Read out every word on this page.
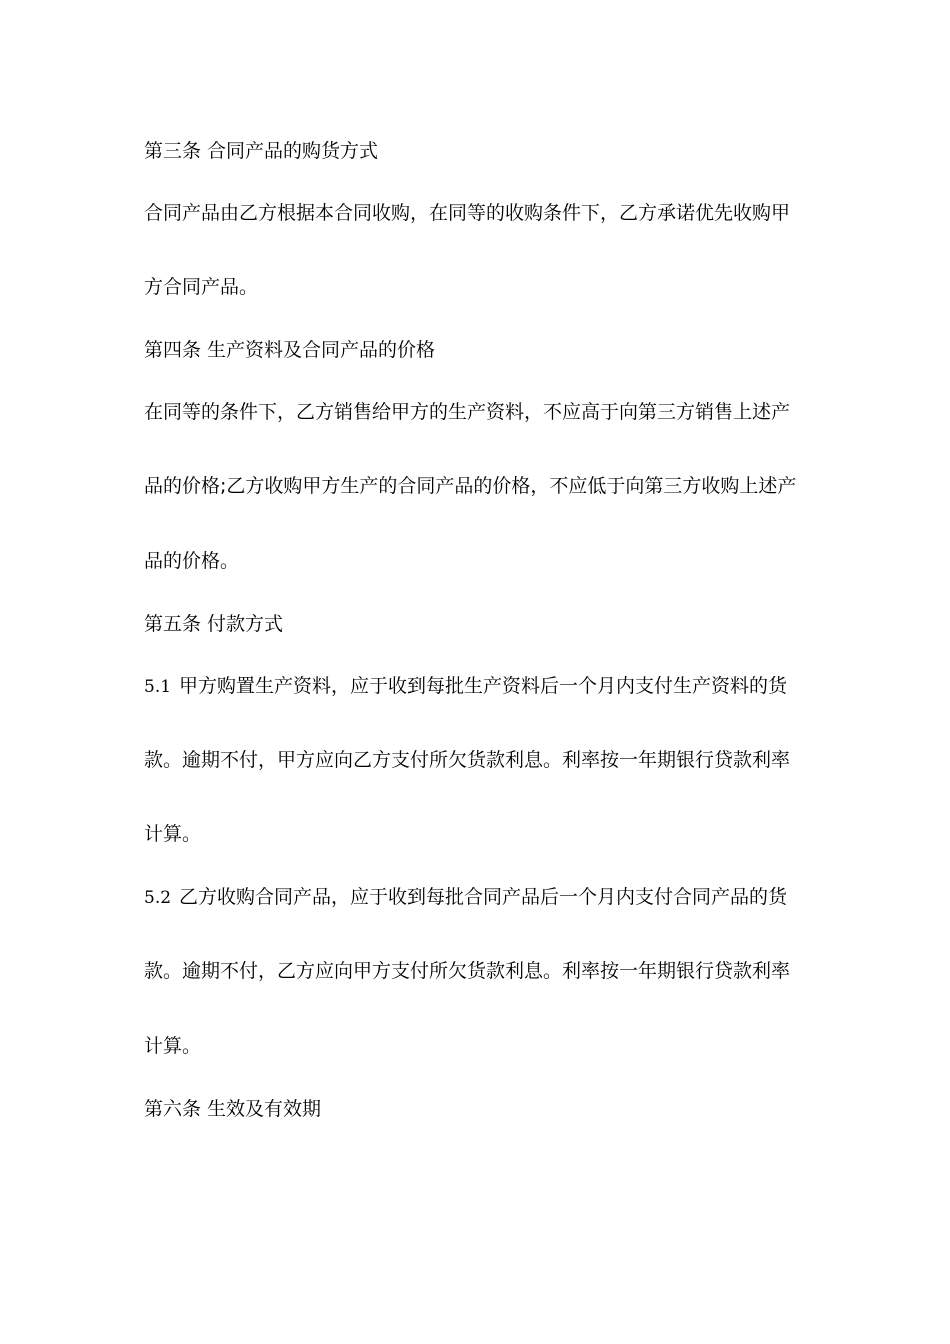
第三条 合同产品的购货方式
合同产品由乙方根据本合同收购，在同等的收购条件下，乙方承诺优先收购甲
方合同产品。
第四条 生产资料及合同产品的价格
在同等的条件下，乙方销售给甲方的生产资料，不应高于向第三方销售上述产
品的价格;乙方收购甲方生产的合同产品的价格，不应低于向第三方收购上述产
品的价格。
第五条 付款方式
5.1 甲方购置生产资料，应于收到每批生产资料后一个月内支付生产资料的货
款。逾期不付，甲方应向乙方支付所欠货款利息。利率按一年期银行贷款利率
计算。
5.2 乙方收购合同产品，应于收到每批合同产品后一个月内支付合同产品的货
款。逾期不付，乙方应向甲方支付所欠货款利息。利率按一年期银行贷款利率
计算。
第六条 生效及有效期
